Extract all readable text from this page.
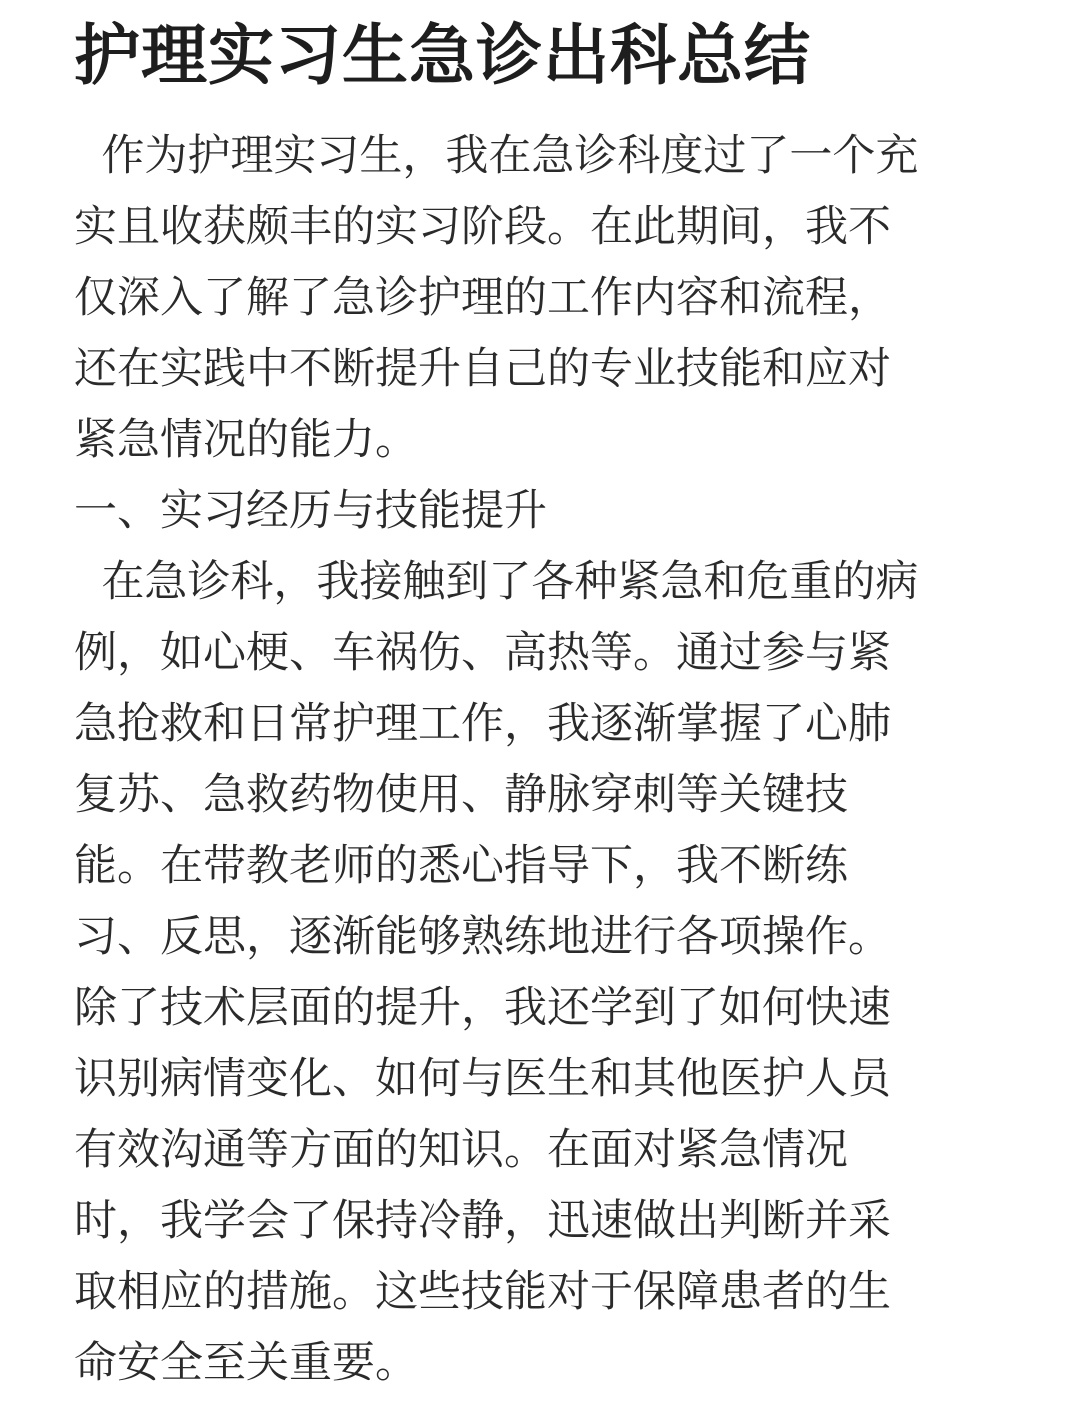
护理实习生急诊出科总结
作为护理实习生，我在急诊科度过了一个充
实且收获颇丰的实习阶段。在此期间，我不
仅深入了解了急诊护理的工作内容和流程，
还在实践中不断提升自己的专业技能和应对
紧急情况的能力。
一、实习经历与技能提升
在急诊科，我接触到了各种紧急和危重的病
例，如心梗、车祸伤、高热等。通过参与紧
急抢救和日常护理工作，我逐渐掌握了心肺
复苏、急救药物使用、静脉穿刺等关键技
能。在带教老师的悉心指导下，我不断练
习、反思，逐渐能够熟练地进行各项操作。
除了技术层面的提升，我还学到了如何快速
识别病情变化、如何与医生和其他医护人员
有效沟通等方面的知识。在面对紧急情况
时，我学会了保持冷静，迅速做出判断并采
取相应的措施。这些技能对于保障患者的生
命安全至关重要。
